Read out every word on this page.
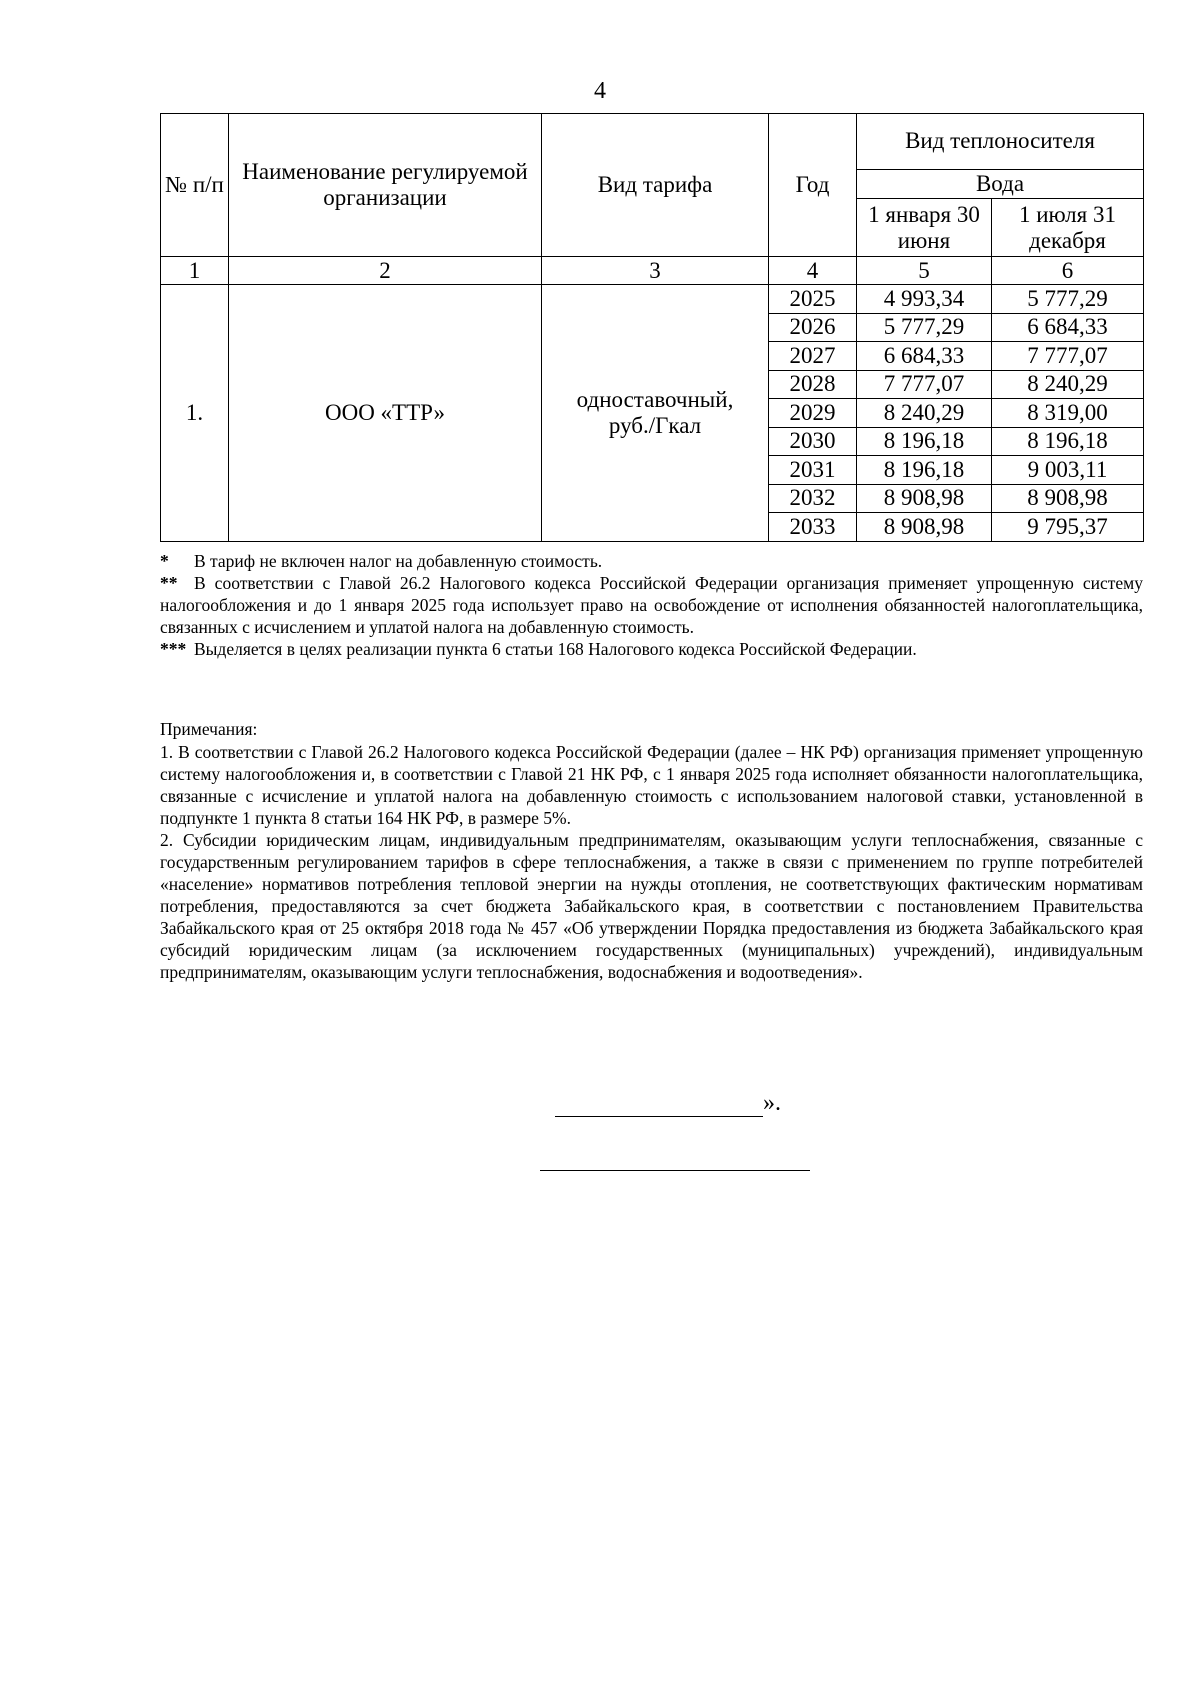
4
№ п/п	Наименование регулируемой организации	Вид тарифа	Год	Вид теплоносителя	
				Вода	
				1 января 30 июня	1 июля 31 декабря
1	2	3	4	5	6
1.	ООО «ТТР»	одноставочный, руб./Гкал	2025	4 993,34	5 777,29
			2026	5 777,29	6 684,33
			2027	6 684,33	7 777,07
			2028	7 777,07	8 240,29
			2029	8 240,29	8 319,00
			2030	8 196,18	8 196,18
			2031	8 196,18	9 003,11
			2032	8 908,98	8 908,98
			2033	8 908,98	9 795,37

* В тариф не включен налог на добавленную стоимость.

** В соответствии с Главой 26.2 Налогового кодекса Российской Федерации организация применяет упрощенную систему налогообложения и до 1 января 2025 года использует право на освобождение от исполнения обязанностей налогоплательщика, связанных с исчислением и уплатой налога на добавленную стоимость.

*** Выделяется в целях реализации пункта 6 статьи 168 Налогового кодекса Российской Федерации.

Примечания:

1. В соответствии с Главой 26.2 Налогового кодекса Российской Федерации (далее – НК РФ) организация применяет упрощенную систему налогообложения и, в соответствии с Главой 21 НК РФ, с 1 января 2025 года исполняет обязанности налогоплательщика, связанные с исчисление и уплатой налога на добавленную стоимость с использованием налоговой ставки, установленной в подпункте 1 пункта 8 статьи 164 НК РФ, в размере 5%.

2. Субсидии юридическим лицам, индивидуальным предпринимателям, оказывающим услуги теплоснабжения, связанные с государственным регулированием тарифов в сфере теплоснабжения, а также в связи с применением по группе потребителей «население» нормативов потребления тепловой энергии на нужды отопления, не соответствующих фактическим нормативам потребления, предоставляются за счет бюджета Забайкальского края, в соответствии с постановлением Правительства Забайкальского края от 25 октября 2018 года № 457 «Об утверждении Порядка предоставления из бюджета Забайкальского края субсидий юридическим лицам (за исключением государственных (муниципальных) учреждений), индивидуальным предпринимателям, оказывающим услуги теплоснабжения, водоснабжения и водоотведения».

».
